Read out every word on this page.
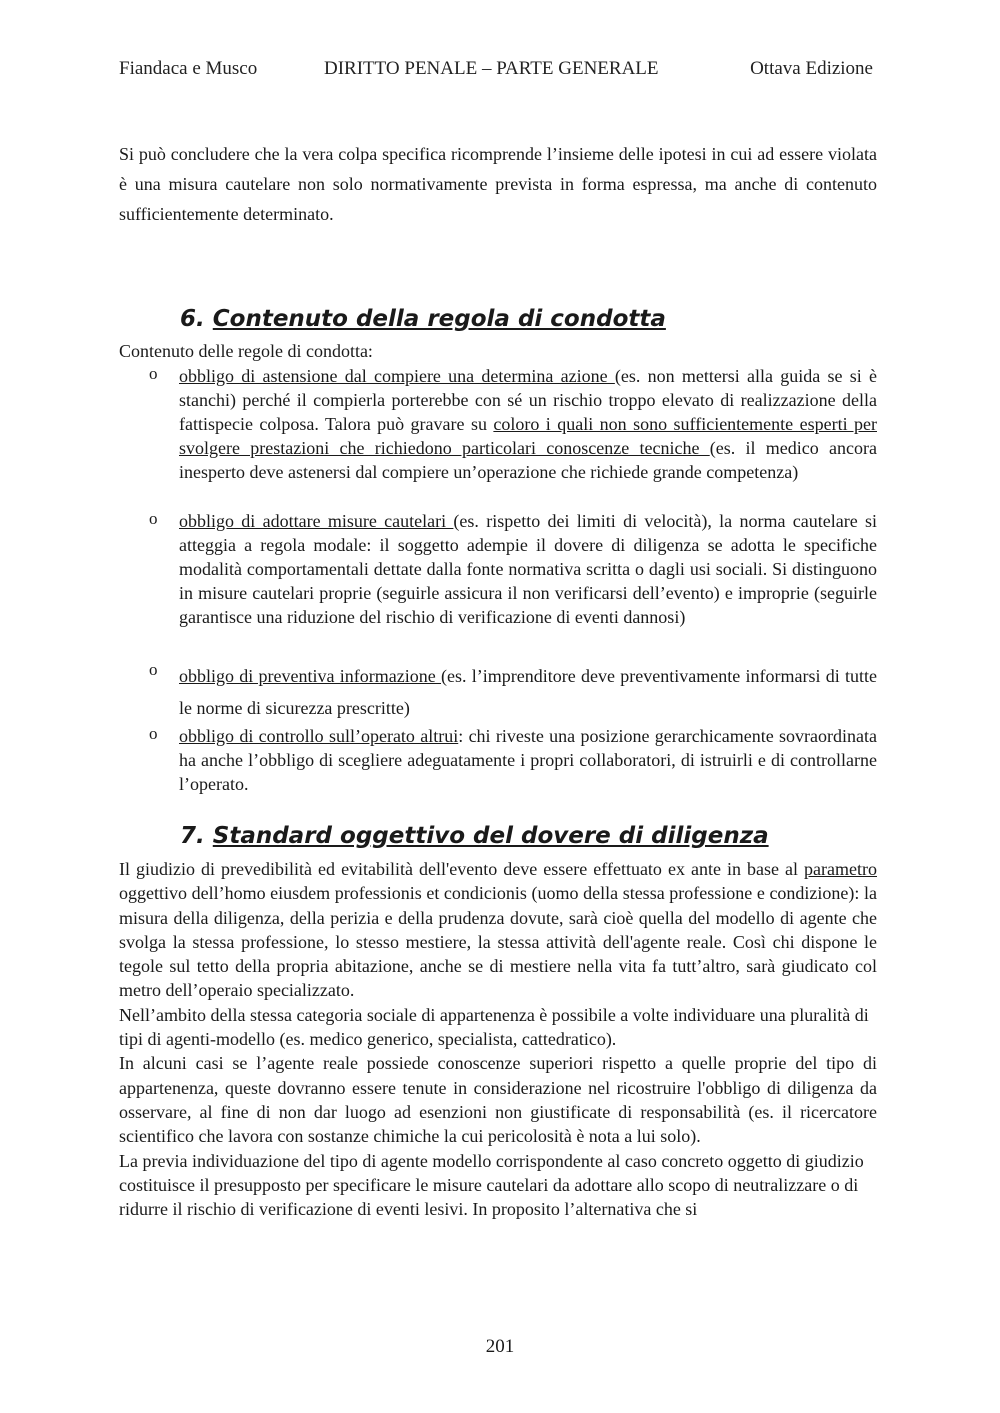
Fiandaca e Musco	DIRITTO PENALE – PARTE GENERALE	Ottava Edizione
Si può concludere che la vera colpa specifica ricomprende l’insieme delle ipotesi in cui ad essere violata è una misura cautelare non solo normativamente prevista in forma espressa, ma anche di contenuto sufficientemente determinato.
6. Contenuto della regola di condotta
Contenuto delle regole di condotta:
o obbligo di astensione dal compiere una determina azione (es. non mettersi alla guida se si è stanchi) perché il compierla porterebbe con sé un rischio troppo elevato di realizzazione della fattispecie colposa. Talora può gravare su coloro i quali non sono sufficientemente esperti per svolgere prestazioni che richiedono particolari conoscenze tecniche (es. il medico ancora inesperto deve astenersi dal compiere un’operazione che richiede grande competenza)
o obbligo di adottare misure cautelari (es. rispetto dei limiti di velocità), la norma cautelare si atteggia a regola modale: il soggetto adempie il dovere di diligenza se adotta le specifiche modalità comportamentali dettate dalla fonte normativa scritta o dagli usi sociali. Si distinguono in misure cautelari proprie (seguirle assicura il non verificarsi dell’evento) e improprie (seguirle garantisce una riduzione del rischio di verificazione di eventi dannosi)
o obbligo di preventiva informazione (es. l’imprenditore deve preventivamente informarsi di tutte le norme di sicurezza prescritte)
o obbligo di controllo sull’operato altrui: chi riveste una posizione gerarchicamente sovraordinata ha anche l’obbligo di scegliere adeguatamente i propri collaboratori, di istruirli e di controllarne l’operato.
7. Standard oggettivo del dovere di diligenza

Il giudizio di prevedibilità ed evitabilità dell'evento deve essere effettuato ex ante in base al parametro oggettivo dell’homo eiusdem professionis et condicionis (uomo della stessa professione e condizione): la misura della diligenza, della perizia e della prudenza dovute, sarà cioè quella del modello di agente che svolga la stessa professione, lo stesso mestiere, la stessa attività dell'agente reale. Così chi dispone le tegole sul tetto della propria abitazione, anche se di mestiere nella vita fa tutt’altro, sarà giudicato col metro dell’operaio specializzato.

Nell’ambito della stessa categoria sociale di appartenenza è possibile a volte individuare una pluralità di tipi di agenti-modello (es. medico generico, specialista, cattedratico).

In alcuni casi se l’agente reale possiede conoscenze superiori rispetto a quelle proprie del tipo di appartenenza, queste dovranno essere tenute in considerazione nel ricostruire l'obbligo di diligenza da osservare, al fine di non dar luogo ad esenzioni non giustificate di responsabilità (es. il ricercatore scientifico che lavora con sostanze chimiche la cui pericolosità è nota a lui solo).

La previa individuazione del tipo di agente modello corrispondente al caso concreto oggetto di giudizio costituisce il presupposto per specificare le misure cautelari da adottare allo scopo di neutralizzare o di ridurre il rischio di verificazione di eventi lesivi. In proposito l’alternativa che si

201
